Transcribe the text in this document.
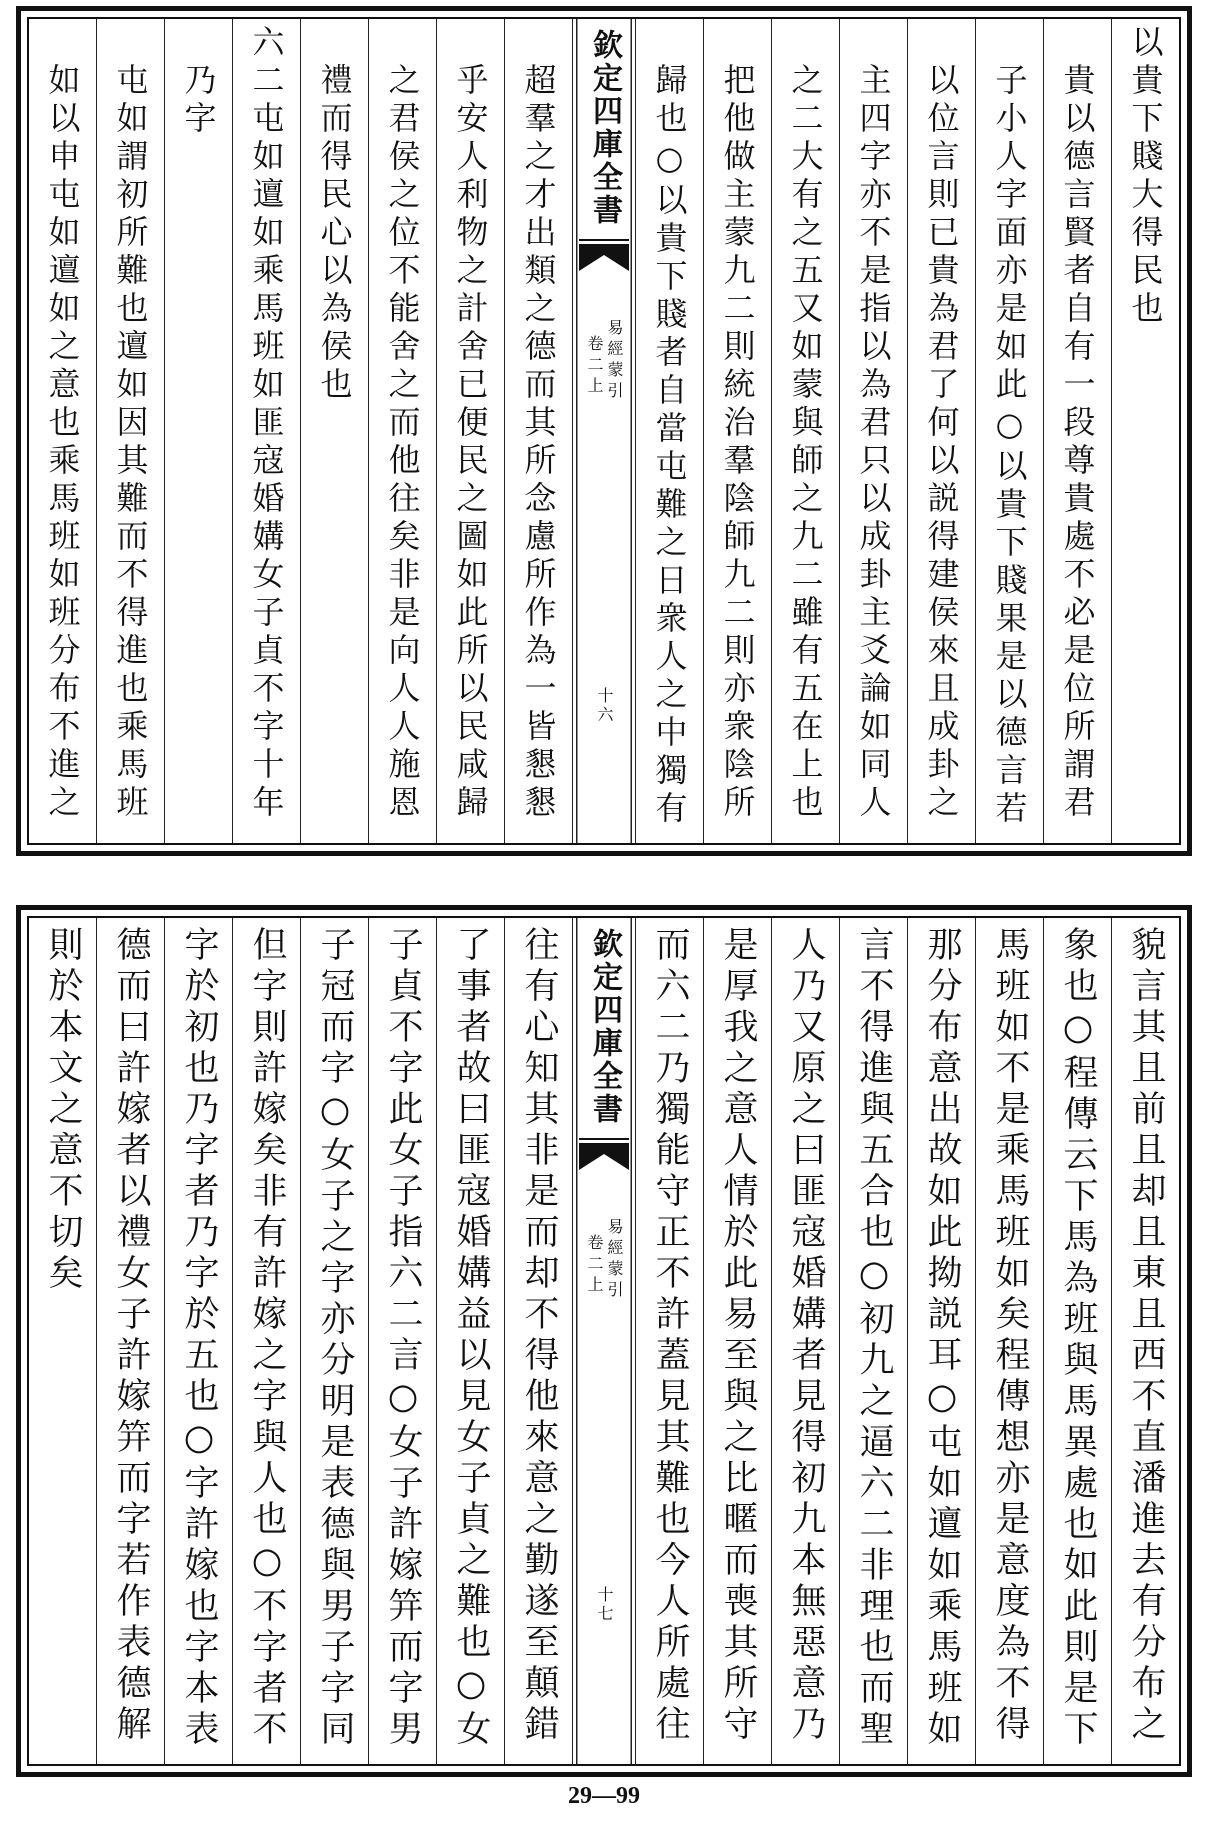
以貴下賤大得民也
貴以德言賢者自有一段尊貴處不必是位所謂君
子小人字面亦是如此○以貴下賤果是以德言若
以位言則已貴為君了何以説得建侯來且成卦之
主四字亦不是指以為君只以成卦主爻論如同人
之二大有之五又如蒙與師之九二雖有五在上也
把他做主蒙九二則統治羣陰師九二則亦衆陰所
歸也○以貴下賤者自當屯難之日衆人之中獨有
欽定四庫全書
易經蒙引
卷二上
十六
超羣之才出類之德而其所念慮所作為一皆懇懇
乎安人利物之計舍已便民之圖如此所以民咸歸
之君侯之位不能舍之而他往矣非是向人人施恩
禮而得民心以為侯也
六二屯如邅如乘馬班如匪寇婚媾女子貞不字十年
乃字
屯如謂初所難也邅如因其難而不得進也乘馬班
如以申屯如邅如之意也乘馬班如班分布不進之
貌言其且前且却且東且西不直潘進去有分布之
象也○程傳云下馬為班與馬異處也如此則是下
馬班如不是乘馬班如矣程傳想亦是意度為不得
那分布意出故如此拗説耳○屯如邅如乘馬班如
言不得進與五合也○初九之逼六二非理也而聖
人乃又原之曰匪寇婚媾者見得初九本無惡意乃
是厚我之意人情於此易至與之比暱而喪其所守
而六二乃獨能守正不許蓋見其難也今人所處往
欽定四庫全書
易經蒙引
卷二上
十七
往有心知其非是而却不得他來意之勤遂至顛錯
了事者故曰匪寇婚媾益以見女子貞之難也○女
子貞不字此女子指六二言○女子許嫁笄而字男
子冠而字○女子之字亦分明是表德與男子字同
但字則許嫁矣非有許嫁之字與人也○不字者不
字於初也乃字者乃字於五也○字許嫁也字本表
德而曰許嫁者以禮女子許嫁笄而字若作表德解
則於本文之意不切矣
29—99
